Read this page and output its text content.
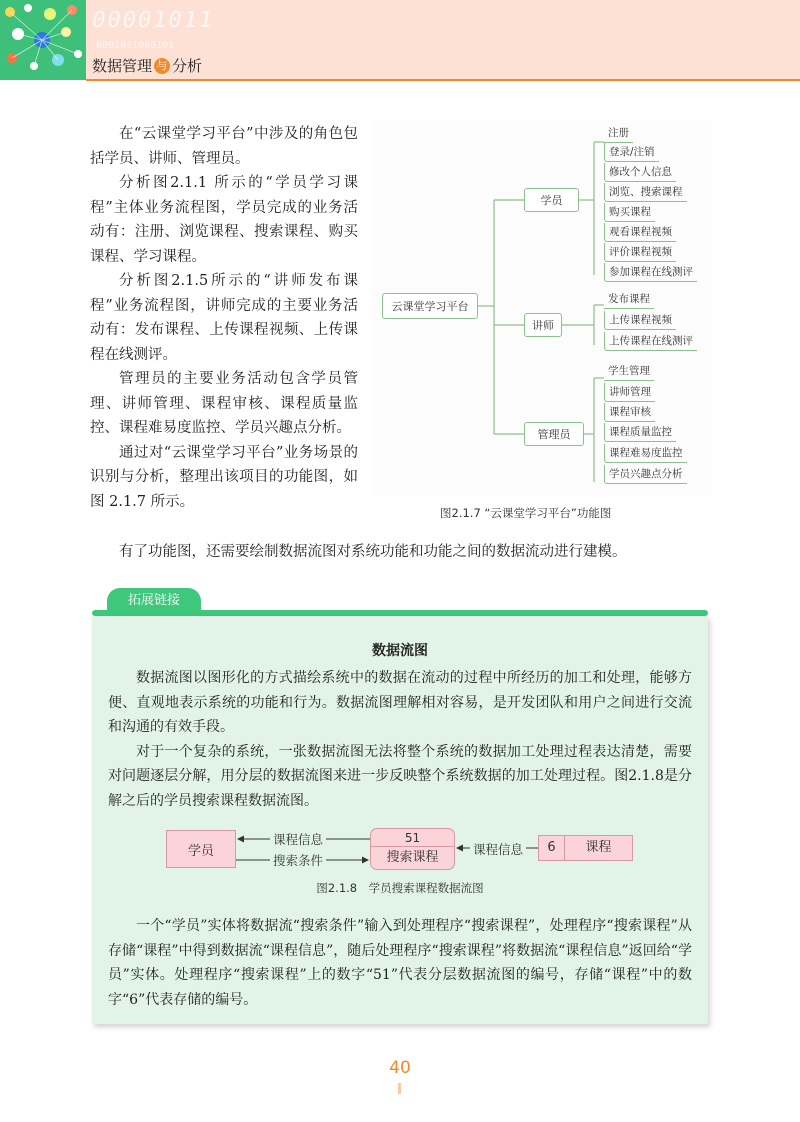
00001011
0001011000101
数据管理 与 分析

在“云课堂学习平台”中涉及的角色包括学员、讲师、管理员。

分析图2.1.1 所示的“学员学习课程”主体业务流程图，学员完成的业务活动有：注册、浏览课程、搜索课程、购买课程、学习课程。

分析图2.1.5所示的“讲师发布课程”业务流程图，讲师完成的主要业务活动有：发布课程、上传课程视频、上传课程在线测评。

管理员的主要业务活动包含学员管理、讲师管理、课程审核、课程质量监控、课程难易度监控、学员兴趣点分析。

通过对“云课堂学习平台”业务场景的识别与分析，整理出该项目的功能图，如图 2.1.7 所示。

有了功能图，还需要绘制数据流图对系统功能和功能之间的数据流动进行建模。
云课堂学习平台
学员
讲师
管理员
注册
登录/注销
修改个人信息
浏览、搜索课程
购买课程
观看课程视频
评价课程视频
参加课程在线测评
发布课程
上传课程视频
上传课程在线测评
学生管理
讲师管理
课程审核
课程质量监控
课程难易度监控
学员兴趣点分析
图2.1.7 “云课堂学习平台”功能图
拓展链接
数据流图

数据流图以图形化的方式描绘系统中的数据在流动的过程中所经历的加工和处理，能够方便、直观地表示系统的功能和行为。数据流图理解相对容易，是开发团队和用户之间进行交流和沟通的有效手段。

对于一个复杂的系统，一张数据流图无法将整个系统的数据加工处理过程表达清楚，需要对问题逐层分解，用分层的数据流图来进一步反映整个系统数据的加工处理过程。图2.1.8是分解之后的学员搜索课程数据流图。

学员
51
搜索课程
6	课程
课程信息
搜索条件
课程信息
图2.1.8　学员搜索课程数据流图

一个“学员”实体将数据流“搜索条件”输入到处理程序“搜索课程”，处理程序“搜索课程”从存储“课程”中得到数据流“课程信息”，随后处理程序“搜索课程”将数据流“课程信息”返回给“学员”实体。处理程序“搜索课程”上的数字“51”代表分层数据流图的编号，存储“课程”中的数字“6”代表存储的编号。

40
